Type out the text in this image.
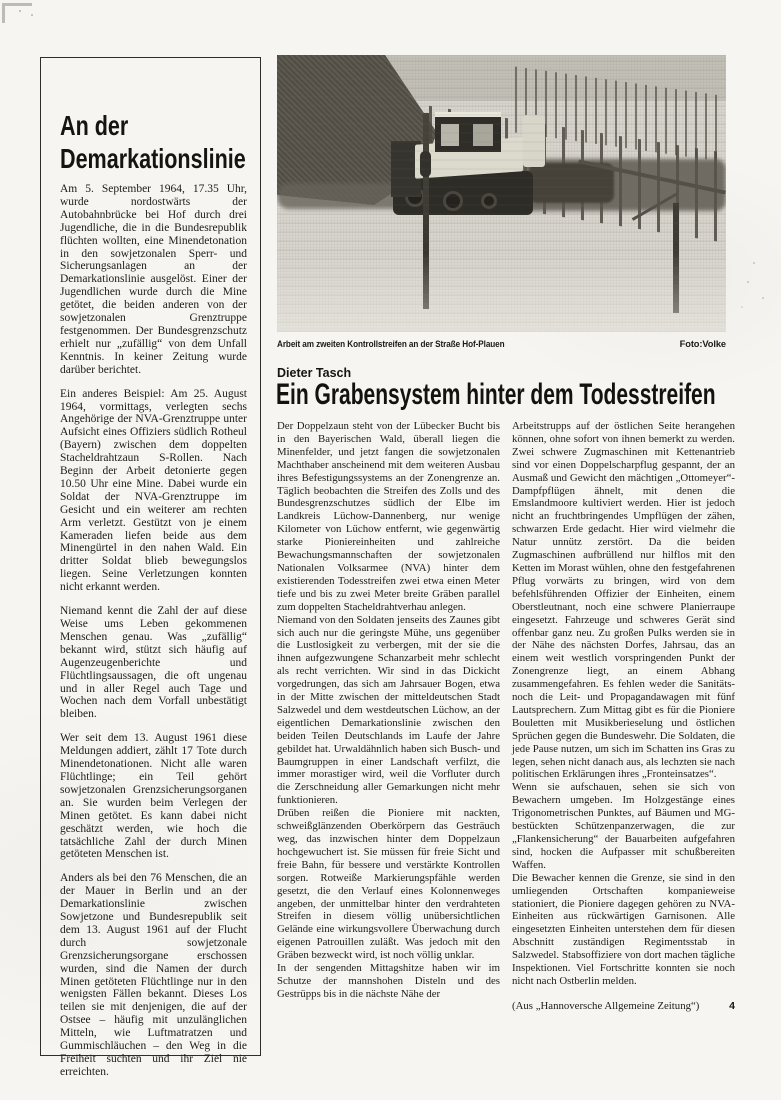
An der
Demarkationslinie

Am 5. September 1964, 17.35 Uhr, wurde nordostwärts der Autobahnbrücke bei Hof durch drei Jugendliche, die in die Bundesrepublik flüchten wollten, eine Minendetonation in den sowjetzonalen Sperr- und Sicherungsanlagen an der Demarkationslinie ausgelöst. Einer der Jugendlichen wurde durch die Mine getötet, die beiden anderen von der sowjetzonalen Grenztruppe festgenommen. Der Bundesgrenzschutz erhielt nur „zufällig“ von dem Unfall Kenntnis. In keiner Zeitung wurde darüber berichtet.

Ein anderes Beispiel: Am 25. August 1964, vormittags, verlegten sechs Angehörige der NVA-Grenztruppe unter Aufsicht eines Offiziers südlich Rotheul (Bayern) zwischen dem doppelten Stacheldrahtzaun S-Rollen. Nach Beginn der Arbeit detonierte gegen 10.50 Uhr eine Mine. Dabei wurde ein Soldat der NVA-Grenztruppe im Gesicht und ein weiterer am rechten Arm verletzt. Gestützt von je einem Kameraden liefen beide aus dem Minengürtel in den nahen Wald. Ein dritter Soldat blieb bewegungslos liegen. Seine Verletzungen konnten nicht erkannt werden.

Niemand kennt die Zahl der auf diese Weise ums Leben gekommenen Menschen genau. Was „zufällig“ bekannt wird, stützt sich häufig auf Augenzeugenberichte und Flüchtlingsaussagen, die oft ungenau und in aller Regel auch Tage und Wochen nach dem Vorfall unbestätigt bleiben.

Wer seit dem 13. August 1961 diese Meldungen addiert, zählt 17 Tote durch Minendetonationen. Nicht alle waren Flüchtlinge; ein Teil gehört sowjetzonalen Grenzsicherungsorganen an. Sie wurden beim Verlegen der Minen getötet. Es kann dabei nicht geschätzt werden, wie hoch die tatsächliche Zahl der durch Minen getöteten Menschen ist.

Anders als bei den 76 Menschen, die an der Mauer in Berlin und an der Demarkationslinie zwischen Sowjetzone und Bundesrepublik seit dem 13. August 1961 auf der Flucht durch sowjetzonale Grenzsicherungsorgane erschossen wurden, sind die Namen der durch Minen getöteten Flüchtlinge nur in den wenigsten Fällen bekannt. Dieses Los teilen sie mit denjenigen, die auf der Ostsee – häufig mit unzulänglichen Mitteln, wie Luftmatratzen und Gummischläuchen – den Weg in die Freiheit suchten und ihr Ziel nie erreichten.

Arbeit am zweiten Kontrollstreifen an der Straße Hof-Plauen	Foto:Volke
Dieter Tasch
Ein Grabensystem hinter dem Todesstreifen

Der Doppelzaun steht von der Lübecker Bucht bis in den Bayerischen Wald, überall liegen die Minenfelder, und jetzt fangen die sowjetzonalen Machthaber anscheinend mit dem weiteren Ausbau ihres Befestigungssystems an der Zonengrenze an. Täglich beobachten die Streifen des Zolls und des Bundesgrenzschutzes südlich der Elbe im Landkreis Lüchow-Dannenberg, nur wenige Kilometer von Lüchow entfernt, wie gegenwärtig starke Pioniereinheiten und zahlreiche Bewachungsmannschaften der sowjetzonalen Nationalen Volksarmee (NVA) hinter dem existierenden Todesstreifen zwei etwa einen Meter tiefe und bis zu zwei Meter breite Gräben parallel zum doppelten Stacheldrahtverhau anlegen.

Niemand von den Soldaten jenseits des Zaunes gibt sich auch nur die geringste Mühe, uns gegenüber die Lustlosigkeit zu verbergen, mit der sie die ihnen aufgezwungene Schanzarbeit mehr schlecht als recht verrichten. Wir sind in das Dickicht vorgedrungen, das sich am Jahrsauer Bogen, etwa in der Mitte zwischen der mitteldeutschen Stadt Salzwedel und dem westdeutschen Lüchow, an der eigentlichen Demarkationslinie zwischen den beiden Teilen Deutschlands im Laufe der Jahre gebildet hat. Urwaldähnlich haben sich Busch- und Baumgruppen in einer Landschaft verfilzt, die immer morastiger wird, weil die Vorfluter durch die Zerschneidung aller Gemarkungen nicht mehr funktionieren.

Drüben reißen die Pioniere mit nackten, schweißglänzenden Oberkörpern das Gesträuch weg, das inzwischen hinter dem Doppelzaun hochgewuchert ist. Sie müssen für freie Sicht und freie Bahn, für bessere und verstärkte Kontrollen sorgen. Rotweiße Markierungspfähle werden gesetzt, die den Verlauf eines Kolonnenweges angeben, der unmittelbar hinter den verdrahteten Streifen in diesem völlig unübersichtlichen Gelände eine wirkungsvollere Überwachung durch eigenen Patrouillen zuläßt. Was jedoch mit den Gräben bezweckt wird, ist noch völlig unklar.

In der sengenden Mittagshitze haben wir im Schutze der mannshohen Disteln und des Gestrüpps bis in die nächste Nähe der

Arbeitstrupps auf der östlichen Seite herangehen können, ohne sofort von ihnen bemerkt zu werden. Zwei schwere Zugmaschinen mit Kettenantrieb sind vor einen Doppelscharpflug gespannt, der an Ausmaß und Gewicht den mächtigen „Ottomeyer“-Dampfpflügen ähnelt, mit denen die Emslandmoore kultiviert werden. Hier ist jedoch nicht an fruchtbringendes Umpflügen der zähen, schwarzen Erde gedacht. Hier wird vielmehr die Natur unnütz zerstört. Da die beiden Zugmaschinen aufbrüllend nur hilflos mit den Ketten im Morast wühlen, ohne den festgefahrenen Pflug vorwärts zu bringen, wird von dem befehlsführenden Offizier der Einheiten, einem Oberstleutnant, noch eine schwere Planierraupe eingesetzt. Fahrzeuge und schweres Gerät sind offenbar ganz neu. Zu großen Pulks werden sie in der Nähe des nächsten Dorfes, Jahrsau, das an einem weit westlich vorspringenden Punkt der Zonengrenze liegt, an einem Abhang zusammengefahren. Es fehlen weder die Sanitäts- noch die Leit- und Propagandawagen mit fünf Lautsprechern. Zum Mittag gibt es für die Pioniere Bouletten mit Musikberieselung und östlichen Sprüchen gegen die Bundeswehr. Die Soldaten, die jede Pause nutzen, um sich im Schatten ins Gras zu legen, sehen nicht danach aus, als lechzten sie nach politischen Erklärungen ihres „Fronteinsatzes“.

Wenn sie aufschauen, sehen sie sich von Bewachern umgeben. Im Holzgestänge eines Trigonometrischen Punktes, auf Bäumen und MG-bestückten Schützenpanzerwagen, die zur „Flankensicherung“ der Bauarbeiten aufgefahren sind, hocken die Aufpasser mit schußbereiten Waffen.

Die Bewacher kennen die Grenze, sie sind in den umliegenden Ortschaften kompanieweise stationiert, die Pioniere dagegen gehören zu NVA-Einheiten aus rückwärtigen Garnisonen. Alle eingesetzten Einheiten unterstehen dem für diesen Abschnitt zuständigen Regimentsstab in Salzwedel. Stabsoffiziere von dort machen tägliche Inspektionen. Viel Fortschritte konnten sie noch nicht nach Ostberlin melden.

(Aus „Hannoversche Allgemeine Zeitung“)	4
